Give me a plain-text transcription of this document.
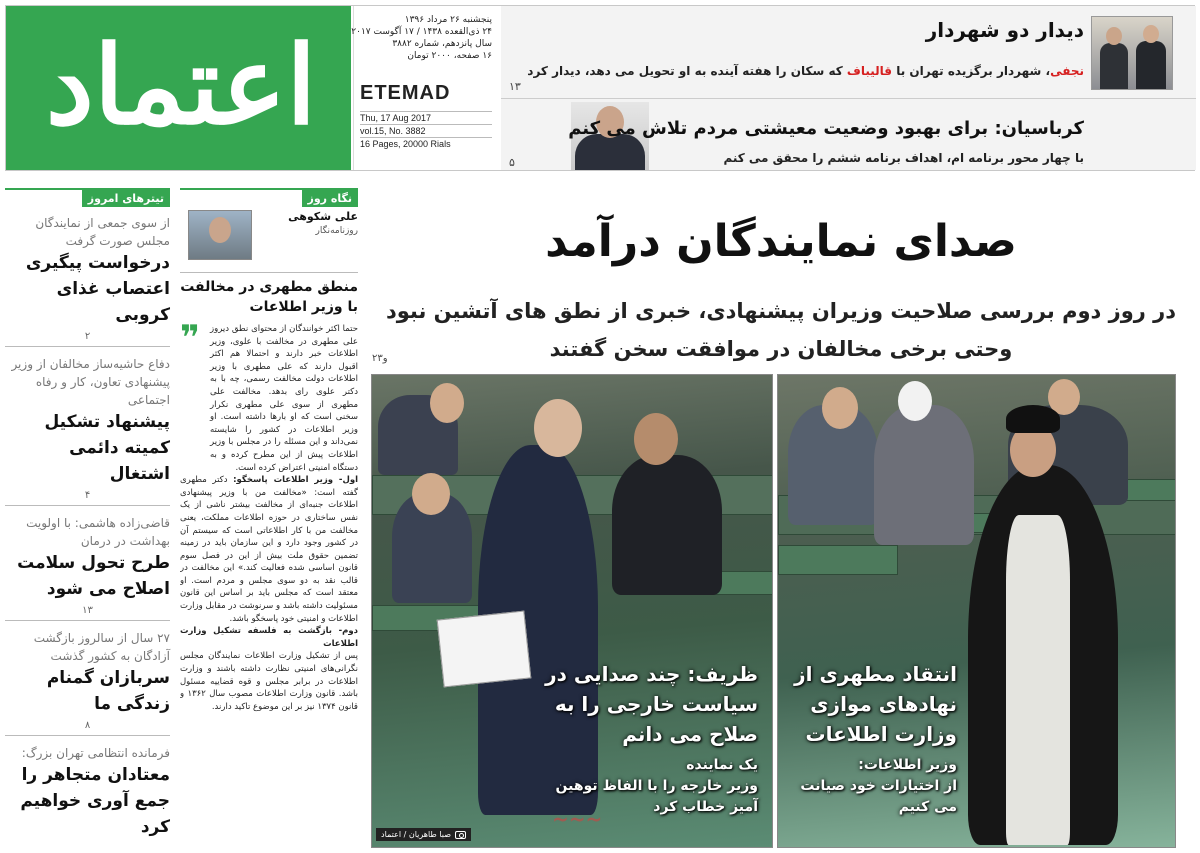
اعتماد
پنجشنبه ۲۶ مرداد ۱۳۹۶
۲۴ ذی‌القعده ۱۴۳۸ / ۱۷ آگوست ۲۰۱۷
سال پانزدهم، شماره ۳۸۸۲
۱۶ صفحه، ۲۰۰۰ تومان
ETEMAD
Thu, 17 Aug 2017
vol.15, No. 3882
16 Pages, 20000 Rials
دیدار دو شهردار
نجفی، شهردار برگزیده تهران با قالیباف که سکان را هفته آینده به او تحویل می دهد، دیدار کرد
۱۳
کرباسیان: برای بهبود وضعیت معیشتی مردم تلاش می کنم
با چهار محور برنامه ام، اهداف برنامه ششم را محقق می کنم
۵
تیترهای امروز
از سوی جمعی از نمایندگان مجلس صورت گرفت
درخواست پیگیری اعتصاب غذای کروبی
۲
دفاع حاشیه‌ساز مخالفان از وزیر پیشنهادی تعاون، کار و رفاه اجتماعی
پیشنهاد تشکیل کمیته دائمی اشتغال
۴
قاضی‌زاده هاشمی: با اولویت بهداشت در درمان
طرح تحول سلامت اصلاح می شود
۱۳
۲۷ سال از سالروز بازگشت آزادگان به کشور گذشت
سربازان گمنام زندگی ما
۸
فرمانده انتظامی تهران بزرگ:
معتادان متجاهر را جمع آوری خواهیم کرد
نگاه روز
علی شکوهی
روزنامه‌نگار
منطق مطهری در مخالفت با وزیر اطلاعات
❞	حتما اکثر خوانندگان از محتوای نطق دیروز علی مطهری در مخالفت با علوی، وزیر اطلاعات خبر دارند و احتمالا هم اکثر اقبول دارند که علی مطهری با وزیر اطلاعات دولت مخالفت رسمی، چه با به دکتر علوی رای بدهد. مخالفت علی مطهری از سوی علی مطهری نکرار سخنی است که او بارها داشته است. او وزیر اطلاعات در کشور را شایسته نمی‌داند و این مسئله را در مجلس با وزیر اطلاعات پیش از این مطرح کرده و به دستگاه امنیتی اعتراض کرده است.

اول- وزیر اطلاعات پاسخگو: دکتر مطهری گفته است: «مخالفت من با وزیر پیشنهادی اطلاعات جنبه‌ای از مخالفت بیشتر ناشی از یک نفس ساختاری در حوزه اطلاعات مملکت، یعنی مخالفت من با کار اطلاعاتی است که سیستم آن در کشور وجود دارد و این سازمان باید در زمینه تضمین حقوق ملت بیش از این در فصل سوم قانون اساسی شده فعالیت کند.» این مخالفت در قالب نقد به دو سوی مجلس و مردم است. او معتقد است که مجلس باید بر اساس این قانون مسئولیت داشته باشد و سرنوشت در مقابل وزارت اطلاعات و امنیتی خود پاسخگو باشد.

دوم- بازگشت به فلسفه تشکیل وزارت اطلاعات

پس از تشکیل وزارت اطلاعات نمایندگان مجلس نگرانی‌های امنیتی نظارت داشته باشند و وزارت اطلاعات در برابر مجلس و قوه قضاییه مسئول باشد. قانون وزارت اطلاعات مصوب سال ۱۳۶۲ و قانون ۱۳۷۴ نیز بر این موضوع تاکید دارند.

صدای نمایندگان درآمد
در روز دوم بررسی صلاحیت وزیران پیشنهادی، خبری از نطق های آتشین نبود
وحتی برخی مخالفان در موافقت سخن گفتند
۲و۳
ظریف: چند صدایی در سیاست خارجی را به صلاح می دانم
یک نماینده
وزیر خارجه را با الفاظ توهین آمیز خطاب کرد
~~~
صبا طاهریان / اعتماد
انتقاد مطهری از نهادهای موازی وزارت اطلاعات
وزیر اطلاعات:
از اختیارات خود صیانت می کنیم
